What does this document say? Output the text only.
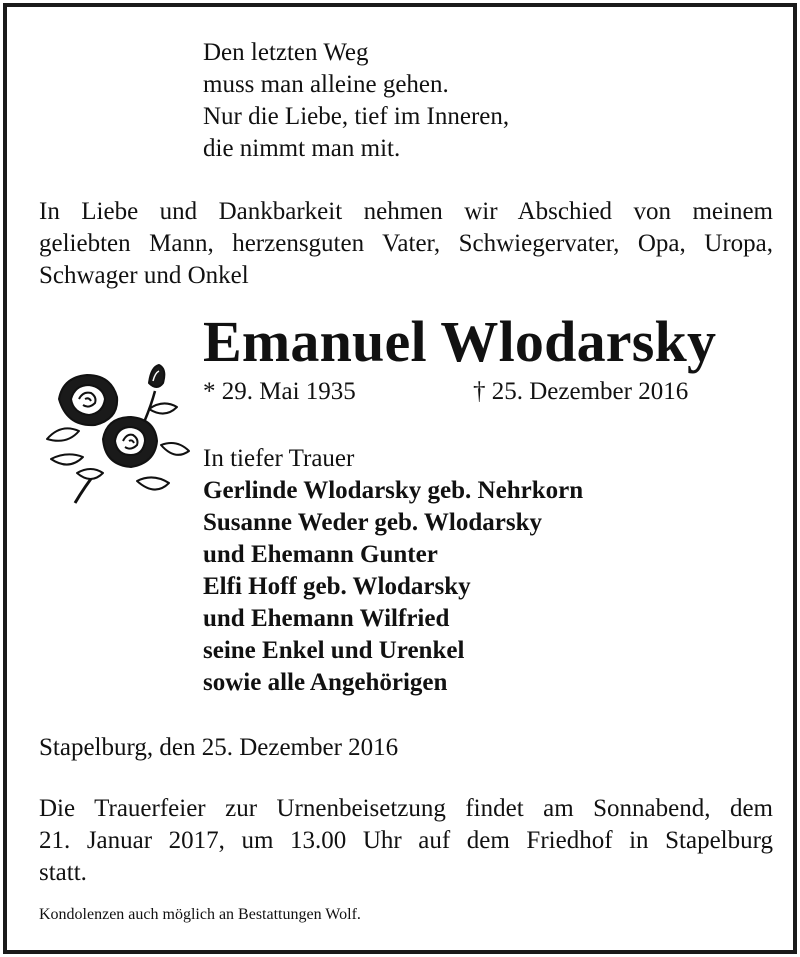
Den letzten Weg
muss man alleine gehen.
Nur die Liebe, tief im Inneren,
die nimmt man mit.
In Liebe und Dankbarkeit nehmen wir Abschied von meinem
geliebten Mann, herzensguten Vater, Schwiegervater, Opa, Uropa,
Schwager und Onkel
Emanuel Wlodarsky
* 29. Mai 1935	† 25. Dezember 2016
In tiefer Trauer
Gerlinde Wlodarsky geb. Nehrkorn
Susanne Weder geb. Wlodarsky
und Ehemann Gunter
Elfi Hoff geb. Wlodarsky
und Ehemann Wilfried
seine Enkel und Urenkel
sowie alle Angehörigen
Stapelburg, den 25. Dezember 2016
Die Trauerfeier zur Urnenbeisetzung findet am Sonnabend, dem
21. Januar 2017, um 13.00 Uhr auf dem Friedhof in Stapelburg
statt.
Kondolenzen auch möglich an Bestattungen Wolf.
